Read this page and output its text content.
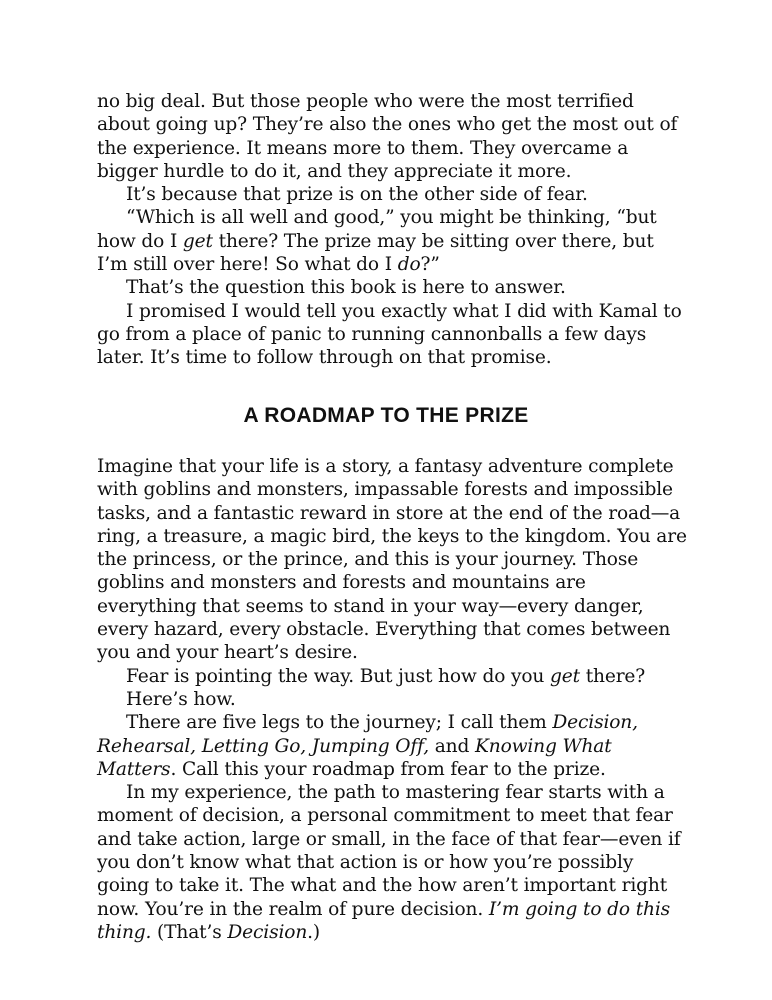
no big deal. But those people who were the most terrified about going up? They’re also the ones who get the most out of the experience. It means more to them. They overcame a bigger hurdle to do it, and they appreciate it more.

It’s because that prize is on the other side of fear.

“Which is all well and good,” you might be thinking, “but how do I get there? The prize may be sitting over there, but I’m still over here! So what do I do?”

That’s the question this book is here to answer.

I promised I would tell you exactly what I did with Kamal to go from a place of panic to running cannonballs a few days later. It’s time to follow through on that promise.

A ROADMAP TO THE PRIZE

Imagine that your life is a story, a fantasy adventure complete with goblins and monsters, impassable forests and impossible tasks, and a fantastic reward in store at the end of the road—a ring, a treasure, a magic bird, the keys to the kingdom. You are the princess, or the prince, and this is your journey. Those goblins and monsters and forests and mountains are everything that seems to stand in your way—every danger, every hazard, every obstacle. Everything that comes between you and your heart’s desire.

Fear is pointing the way. But just how do you get there?

Here’s how.

There are five legs to the journey; I call them Decision, Rehearsal, Letting Go, Jumping Off, and Knowing What Matters. Call this your roadmap from fear to the prize.

In my experience, the path to mastering fear starts with a moment of decision, a personal commitment to meet that fear and take action, large or small, in the face of that fear—even if you don’t know what that action is or how you’re possibly going to take it. The what and the how aren’t important right now. You’re in the realm of pure decision. I’m going to do this thing. (That’s Decision.)
